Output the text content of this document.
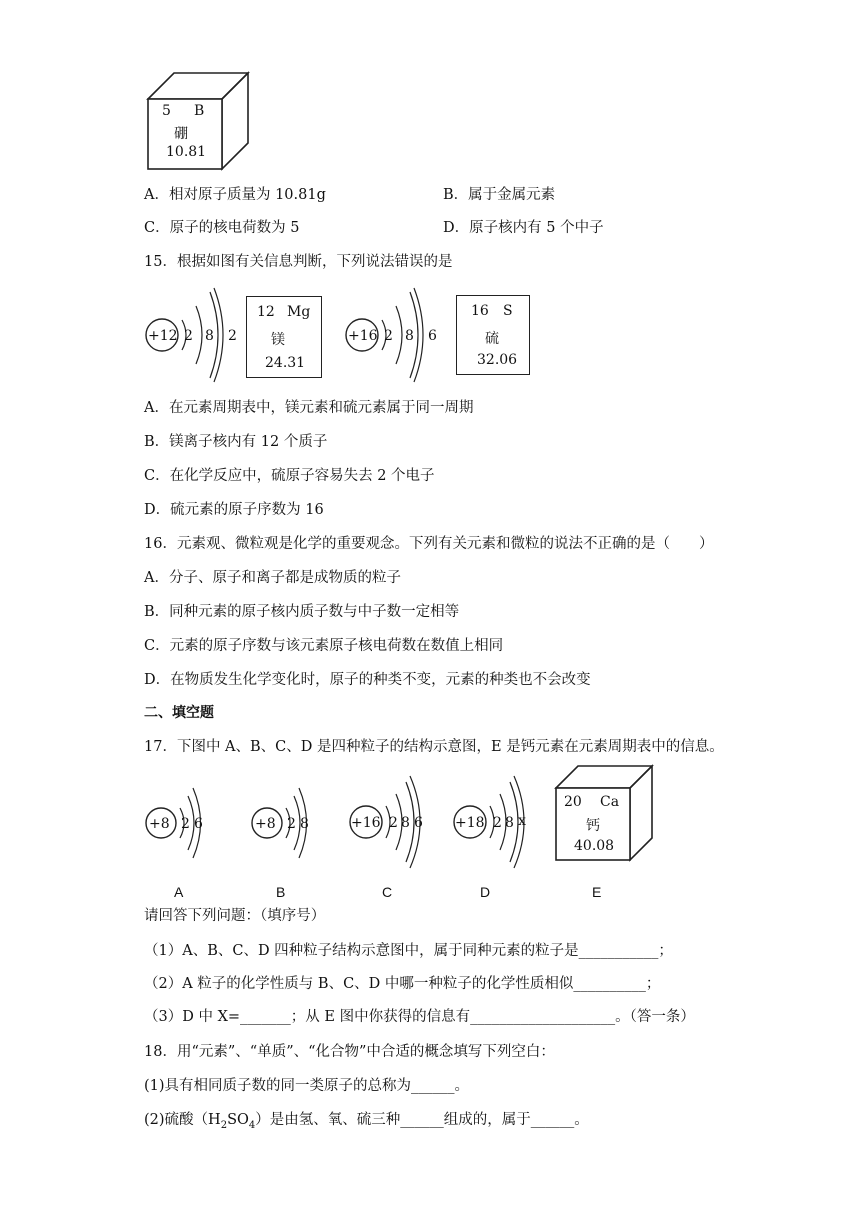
5 B
硼
10.81
A．相对原子质量为 10.81g	B．属于金属元素
C．原子的核电荷数为 5	D．原子核内有 5 个中子
15．根据如图有关信息判断，下列说法错误的是
+12 2 8 2
12 Mg
镁
24.31
+16 2 8 6
16 S
硫
32.06
A．在元素周期表中，镁元素和硫元素属于同一周期
B．镁离子核内有 12 个质子
C．在化学反应中，硫原子容易失去 2 个电子
D．硫元素的原子序数为 16
16．元素观、微粒观是化学的重要观念。下列有关元素和微粒的说法不正确的是（　　）
A．分子、原子和离子都是成物质的粒子
B．同种元素的原子核内质子数与中子数一定相等
C．元素的原子序数与该元素原子核电荷数在数值上相同
D．在物质发生化学变化时，原子的种类不变，元素的种类也不会改变
二、填空题
17．下图中 A、B、C、D 是四种粒子的结构示意图，E 是钙元素在元素周期表中的信息。
+8 2 6	+8 2 8	+16 2 8 6 +18 2 8 x
20 Ca
钙
40.08
A	B	C	D	E
请回答下列问题：（填序号）
（1）A、B、C、D 四种粒子结构示意图中，属于同种元素的粒子是___________；
（2）A 粒子的化学性质与 B、C、D 中哪一种粒子的化学性质相似__________；
（3）D 中 X=_______；从 E 图中你获得的信息有____________________。（答一条）
18．用“元素”、“单质”、“化合物”中合适的概念填写下列空白：
(1)具有相同质子数的同一类原子的总称为______。
(2)硫酸$(H_2SO_4)$是由氢、氧、硫三种______组成的，属于______。
